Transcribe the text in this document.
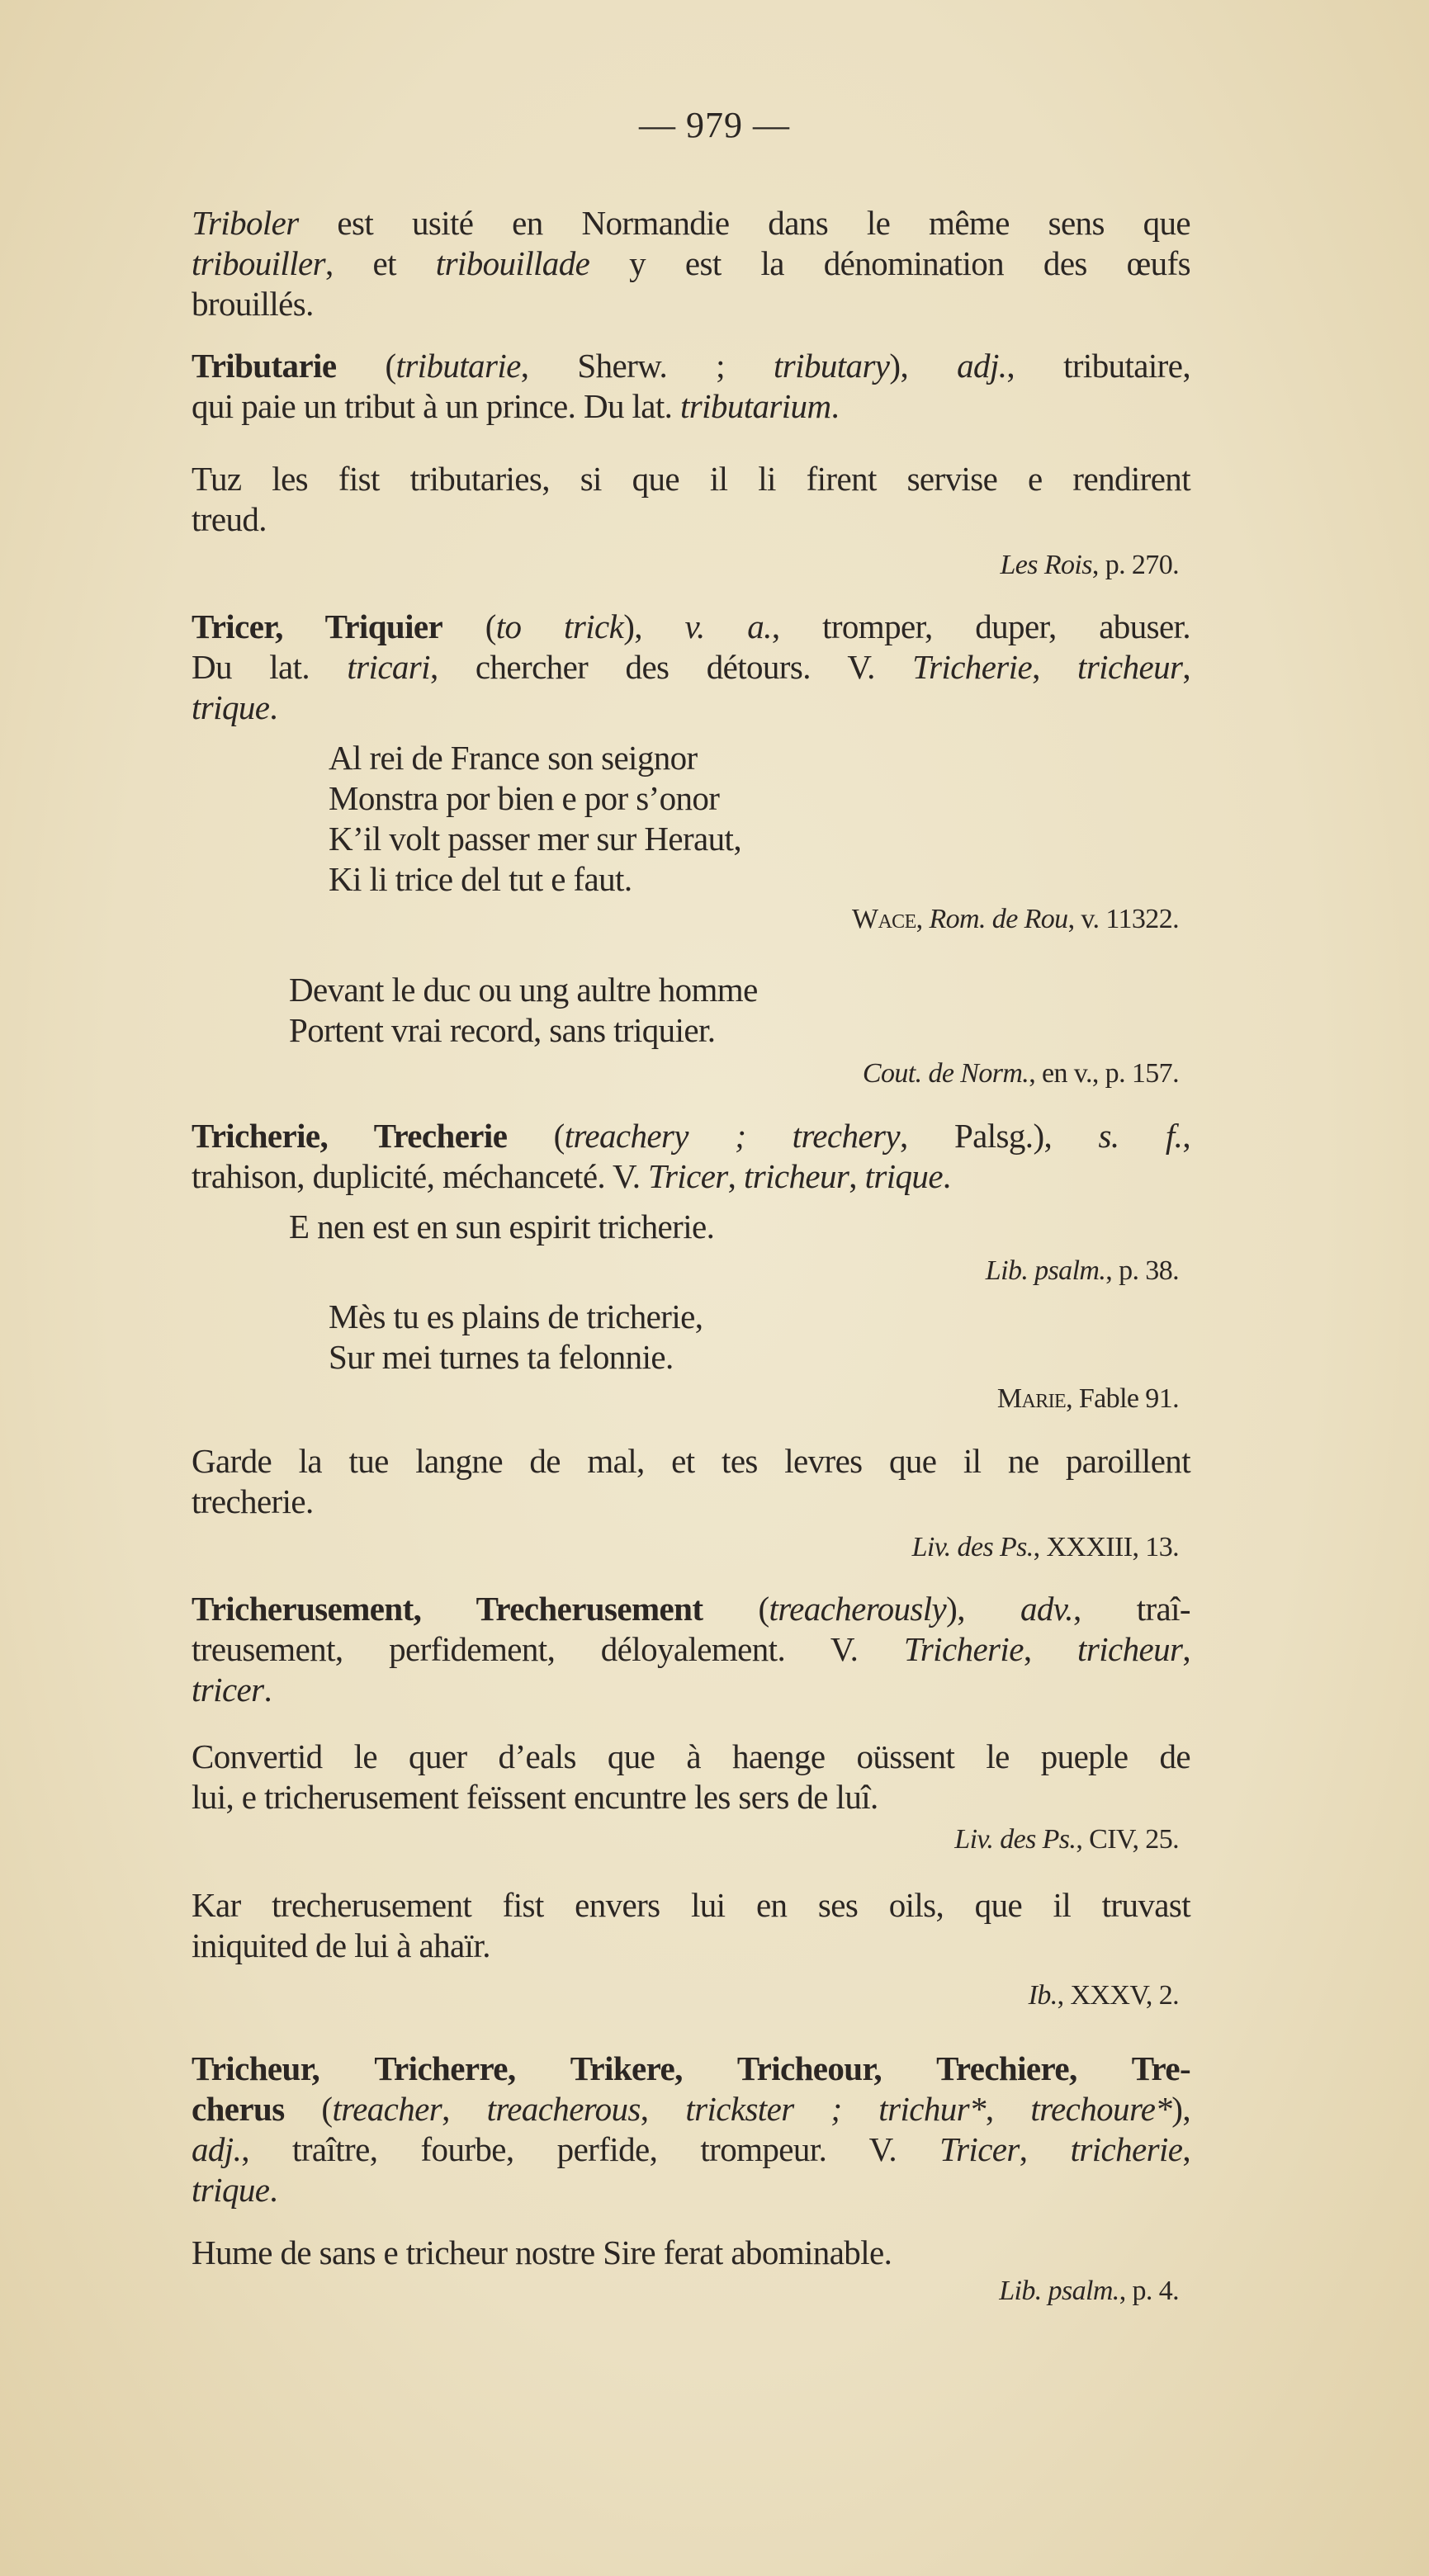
— 979 —
Triboler est usité en Normandie dans le même sens que
tribouiller, et tribouillade y est la dénomination des œufs
brouillés.
Tributarie (tributarie, Sherw. ; tributary), adj., tributaire,
qui paie un tribut à un prince. Du lat. tributarium.
Tuz les fist tributaries, si que il li firent servise e rendirent
treud.
Les Rois, p. 270.
Tricer, Triquier (to trick), v. a., tromper, duper, abuser.
Du lat. tricari, chercher des détours. V. Tricherie, tricheur,
trique.
Al rei de France son seignor
Monstra por bien e por s’onor
K’il volt passer mer sur Heraut,
Ki li trice del tut e faut.
Wace, Rom. de Rou, v. 11322.
Devant le duc ou ung aultre homme
Portent vrai record, sans triquier.
Cout. de Norm., en v., p. 157.
Tricherie, Trecherie (treachery ; trechery, Palsg.), s. f.,
trahison, duplicité, méchanceté. V. Tricer, tricheur, trique.
E nen est en sun espirit tricherie.
Lib. psalm., p. 38.
Mès tu es plains de tricherie,
Sur mei turnes ta felonnie.
Marie, Fable 91.
Garde la tue langne de mal, et tes levres que il ne paroillent
trecherie.
Liv. des Ps., XXXIII, 13.
Tricherusement, Trecherusement (treacherously), adv., traî-
treusement, perfidement, déloyalement. V. Tricherie, tricheur,
tricer.
Convertid le quer d’eals que à haenge oüssent le pueple de
lui, e tricherusement feïssent encuntre les sers de luî.
Liv. des Ps., CIV, 25.
Kar trecherusement fist envers lui en ses oils, que il truvast
iniquited de lui à ahaïr.
Ib., XXXV, 2.
Tricheur, Tricherre, Trikere, Tricheour, Trechiere, Tre-
cherus (treacher, treacherous, trickster ; trichur*, trechoure*),
adj., traître, fourbe, perfide, trompeur. V. Tricer, tricherie,
trique.
Hume de sans e tricheur nostre Sire ferat abominable.
Lib. psalm., p. 4.
